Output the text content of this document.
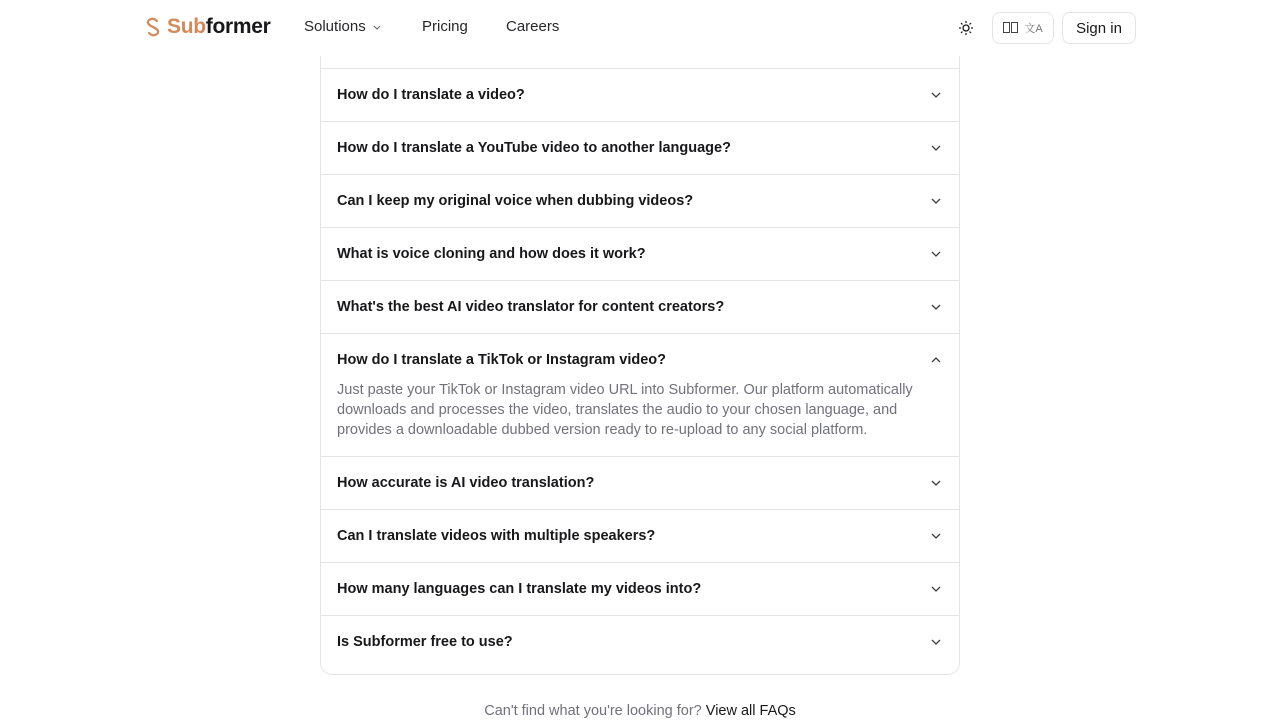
Sub former Solutions	Pricing	Careers	文A Sign in
How do I translate a video?
How do I translate a YouTube video to another language?
Can I keep my original voice when dubbing videos?
What is voice cloning and how does it work?
What's the best AI video translator for content creators?
How do I translate a TikTok or Instagram video?
Just paste your TikTok or Instagram video URL into Subformer. Our platform automatically downloads and processes the video, translates the audio to your chosen language, and provides a downloadable dubbed version ready to re-upload to any social platform.
How accurate is AI video translation?
Can I translate videos with multiple speakers?
How many languages can I translate my videos into?
Is Subformer free to use?
Can't find what you're looking for? View all FAQs
